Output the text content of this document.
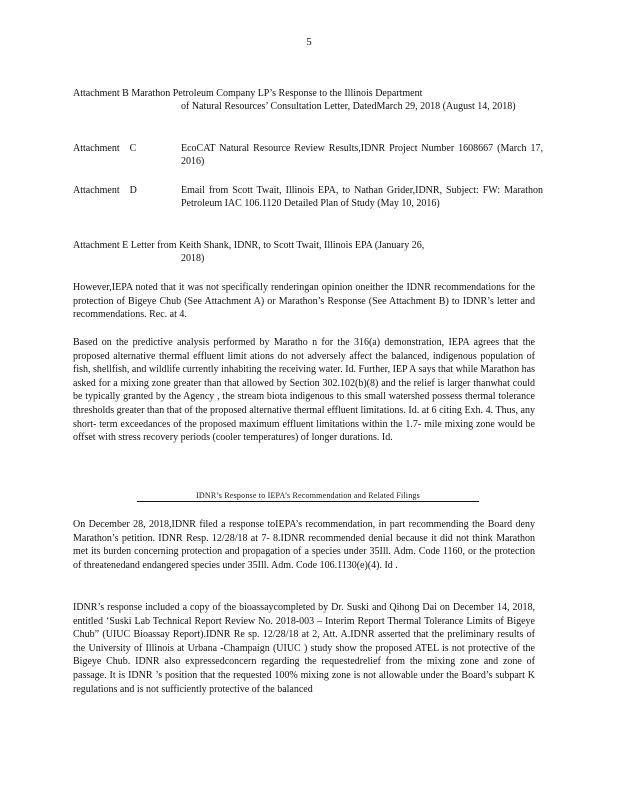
5
Attachment B Marathon Petroleum Company LP’s Response to the Illinois Department
of Natural Resources’ Consultation Letter, DatedMarch 29, 2018 (August 14, 2018)
Attachment    C	EcoCAT Natural Resource Review Results,IDNR Project Number 1608667 (March 17, 2016)
Attachment    D	Email from Scott Twait, Illinois EPA, to Nathan Grider,IDNR, Subject: FW: Marathon Petroleum IAC 106.1120 Detailed Plan of Study (May 10, 2016)
Attachment E Letter from Keith Shank, IDNR, to Scott Twait, Illinois EPA (January 26,
2018)

However,IEPA noted that it was not specifically renderingan opinion oneither the IDNR recommendations for the protection of Bigeye Chub (See Attachment A) or Marathon’s Response (See Attachment B) to IDNR’s letter and recommendations. Rec. at 4.

Based on the predictive analysis performed by Maratho n for the 316(a) demonstration, IEPA agrees that the proposed alternative thermal effluent limit ations do not adversely affect the balanced, indigenous population of fish, shellfish, and wildlife currently inhabiting the receiving water. Id. Further, IEP A says that while Marathon has asked for a mixing zone greater than that allowed by Section 302.102(b)(8) and the relief is larger thanwhat could be typically granted by the Agency , the stream biota indigenous to this small watershed possess thermal tolerance thresholds greater than that of the proposed alternative thermal effluent limitations. Id. at 6 citing Exh. 4. Thus, any short- term exceedances of the proposed maximum effluent limitations within the 1.7- mile mixing zone would be offset with stress recovery periods (cooler temperatures) of longer durations. Id.

IDNR’s Response to IEPA’s Recommendation and Related Filings

On December 28, 2018,IDNR filed a response toIEPA’s recommendation, in part recommending the Board deny Marathon’s petition. IDNR Resp. 12/28/18 at 7- 8.IDNR recommended denial because it did not think Marathon met its burden concerning protection and propagation of a species under 35Ill. Adm. Code 1160, or the protection of threatenedand endangered species under 35Ill. Adm. Code 106.1130(e)(4). Id .

IDNR’s response included a copy of the bioassaycompleted by Dr. Suski and Qihong Dai on December 14, 2018, entitled ‘Suski Lab Technical Report Review No. 2018-003 – Interim Report Thermal Tolerance Limits of Bigeye Chub” (UIUC Bioassay Report).IDNR Re sp. 12/28/18 at 2, Att. A.IDNR asserted that the preliminary results of the University of Illinois at Urbana -Champaign (UIUC ) study show the proposed ATEL is not protective of the Bigeye Chub. IDNR also expressedconcern regarding the requestedrelief from the mixing zone and zone of passage. It is IDNR ’s position that the requested 100% mixing zone is not allowable under the Board’s subpart K regulations and is not sufficiently protective of the balanced
